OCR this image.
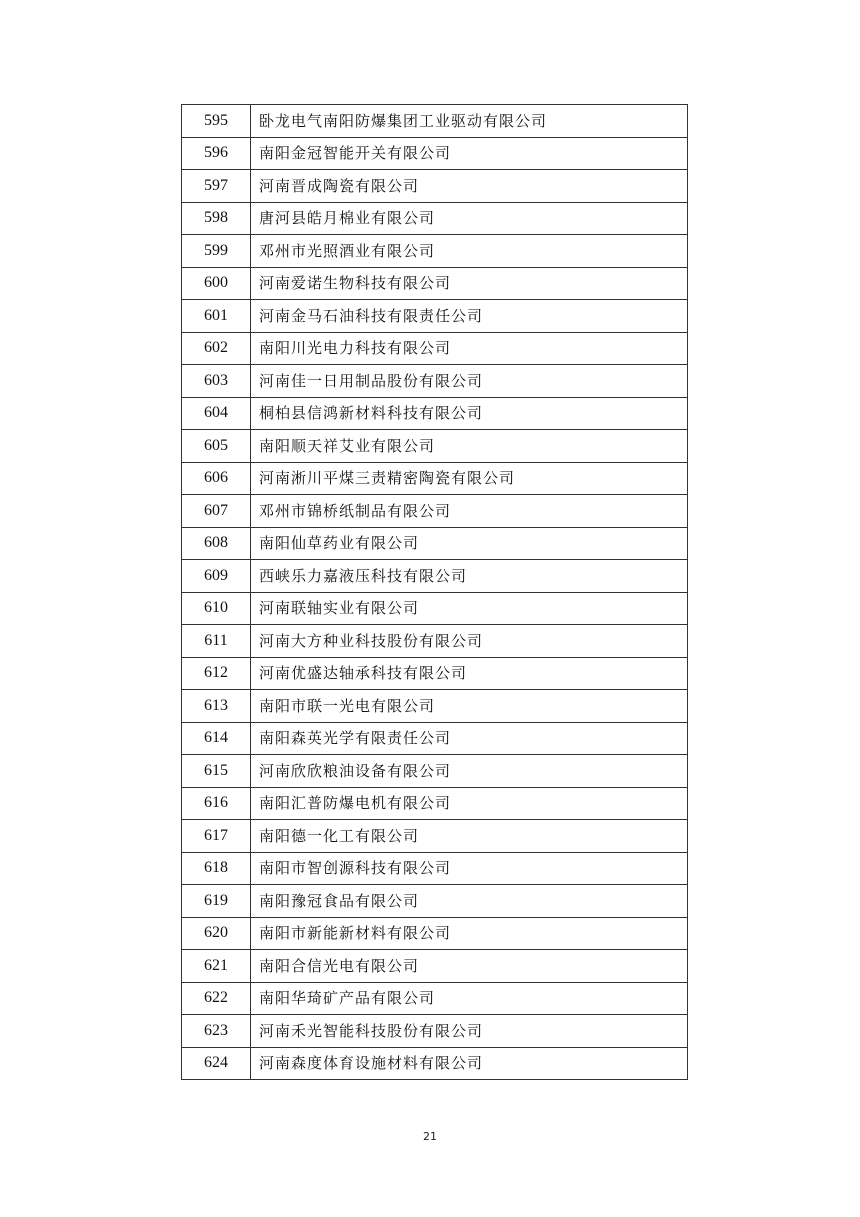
595	卧龙电气南阳防爆集团工业驱动有限公司
596	南阳金冠智能开关有限公司
597	河南晋成陶瓷有限公司
598	唐河县皓月棉业有限公司
599	邓州市光照酒业有限公司
600	河南爱诺生物科技有限公司
601	河南金马石油科技有限责任公司
602	南阳川光电力科技有限公司
603	河南佳一日用制品股份有限公司
604	桐柏县信鸿新材料科技有限公司
605	南阳顺天祥艾业有限公司
606	河南淅川平煤三责精密陶瓷有限公司
607	邓州市锦桥纸制品有限公司
608	南阳仙草药业有限公司
609	西峡乐力嘉液压科技有限公司
610	河南联轴实业有限公司
611	河南大方种业科技股份有限公司
612	河南优盛达轴承科技有限公司
613	南阳市联一光电有限公司
614	南阳森英光学有限责任公司
615	河南欣欣粮油设备有限公司
616	南阳汇普防爆电机有限公司
617	南阳德一化工有限公司
618	南阳市智创源科技有限公司
619	南阳豫冠食品有限公司
620	南阳市新能新材料有限公司
621	南阳合信光电有限公司
622	南阳华琦矿产品有限公司
623	河南禾光智能科技股份有限公司
624	河南森度体育设施材料有限公司
21
